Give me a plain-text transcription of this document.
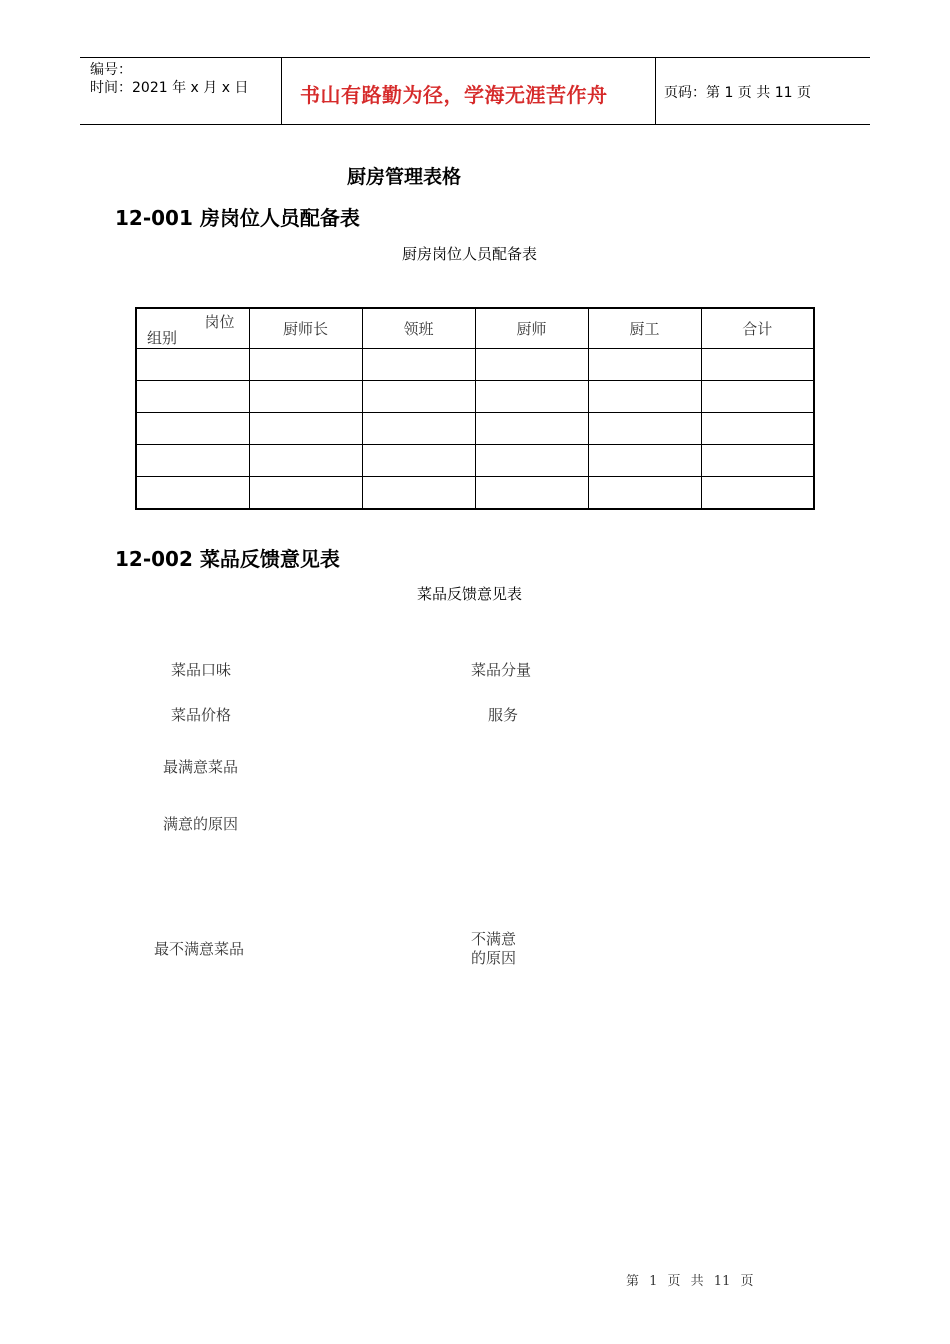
编号：
时间：2021 年 x 月 x 日	书山有路勤为径，学海无涯苦作舟	页码：第 1 页 共 11 页
厨房管理表格
12-001 房岗位人员配备表
厨房岗位人员配备表
岗位
组别	厨师长	领班	厨师	厨工	合计

12-002 菜品反馈意见表
菜品反馈意见表
菜品口味	菜品分量
菜品价格	服务
最满意菜品
满意的原因
最不满意菜品
不满意
的原因
第 1 页 共 11 页
